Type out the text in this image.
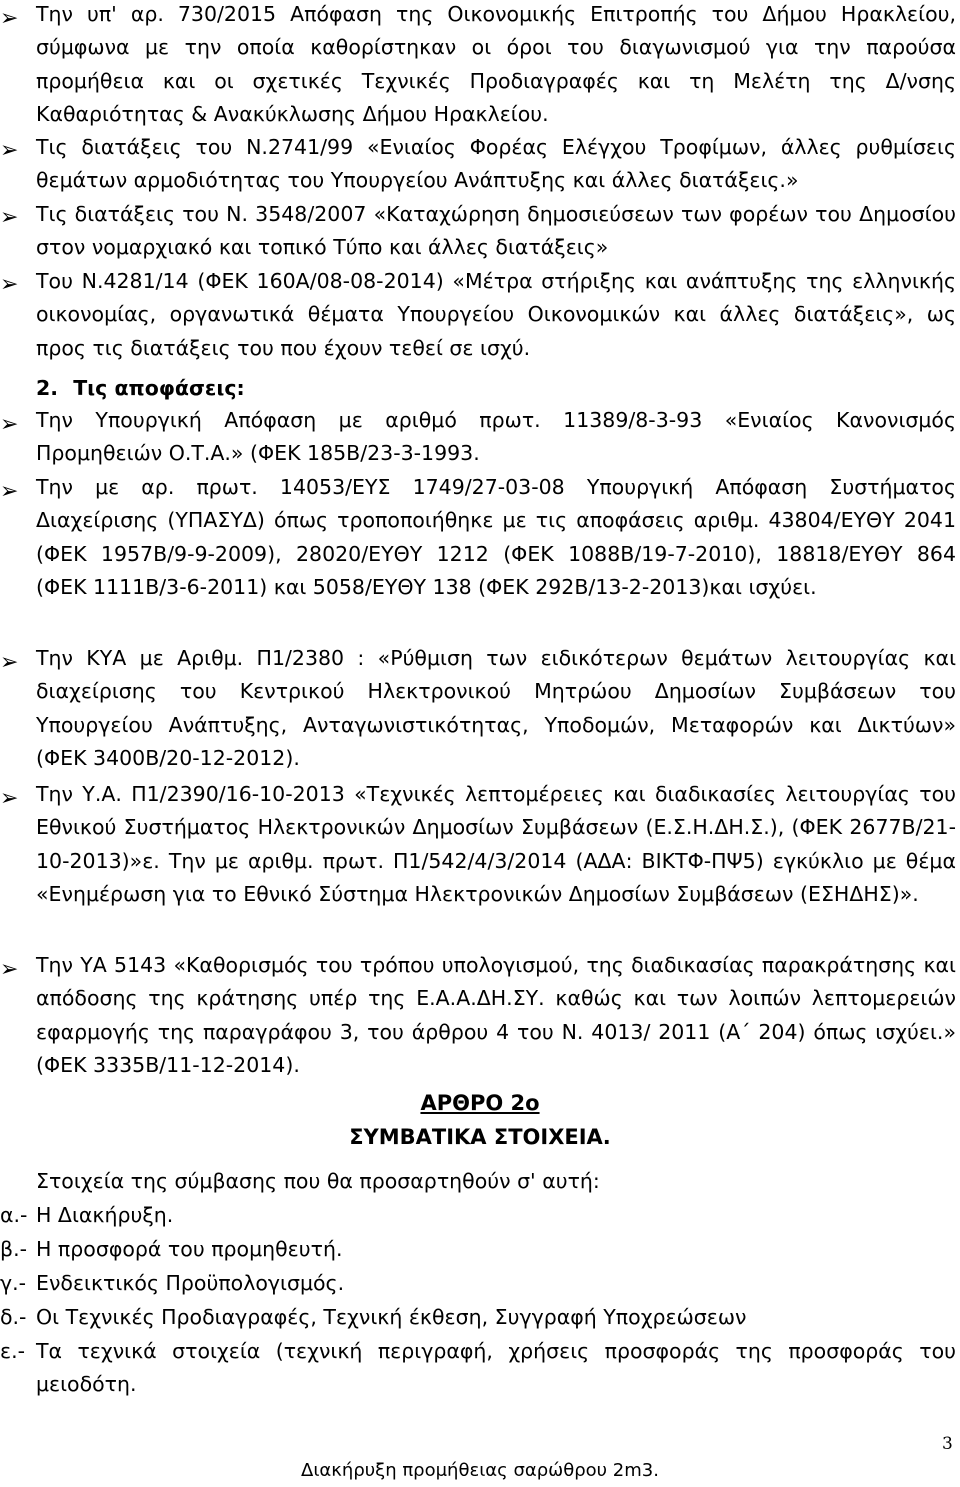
➢ Την υπ' αρ. 730/2015 Απόφαση της Οικονομικής Επιτροπής του Δήμου Ηρακλείου, σύμφωνα με την οποία καθορίστηκαν οι όροι του διαγωνισμού για την παρούσα προμήθεια και οι σχετικές Τεχνικές Προδιαγραφές και τη Μελέτη της Δ/νσης Καθαριότητας & Ανακύκλωσης Δήμου Ηρακλείου.

➢ Τις διατάξεις του Ν.2741/99 «Ενιαίος Φορέας Ελέγχου Τροφίμων, άλλες ρυθμίσεις θεμάτων αρμοδιότητας του Υπουργείου Ανάπτυξης και άλλες διατάξεις.»

➢ Τις διατάξεις του Ν. 3548/2007 «Καταχώρηση δημοσιεύσεων των φορέων του Δημοσίου στον νομαρχιακό και τοπικό Τύπο και άλλες διατάξεις»

➢ Του Ν.4281/14 (ΦΕΚ 160Α/08-08-2014) «Μέτρα στήριξης και ανάπτυξης της ελληνικής οικονομίας, οργανωτικά θέματα Υπουργείου Οικονομικών και άλλες διατάξεις», ως προς τις διατάξεις του που έχουν τεθεί σε ισχύ.

2. Τις αποφάσεις:
➢ Την Υπουργική Απόφαση με αριθμό πρωτ. 11389/8-3-93 «Ενιαίος Κανονισμός Προμηθειών Ο.Τ.Α.» (ΦΕΚ 185Β/23-3-1993.

➢ Την με αρ. πρωτ. 14053/ΕΥΣ 1749/27-03-08 Υπουργική Απόφαση Συστήματος Διαχείρισης (ΥΠΑΣΥΔ) όπως τροποποιήθηκε με τις αποφάσεις αριθμ. 43804/ΕΥΘΥ 2041 (ΦΕΚ 1957Β/9-9-2009), 28020/ΕΥΘΥ 1212 (ΦΕΚ 1088Β/19-7-2010), 18818/ΕΥΘΥ 864 (ΦΕΚ 1111Β/3-6-2011) και 5058/ΕΥΘΥ 138 (ΦΕΚ 292Β/13-2-2013)και ισχύει.

➢ Την ΚΥΑ με Αριθμ. Π1/2380 : «Ρύθμιση των ειδικότερων θεμάτων λειτουργίας και διαχείρισης του Κεντρικού Ηλεκτρονικού Μητρώου Δημοσίων Συμβάσεων του Υπουργείου Ανάπτυξης, Ανταγωνιστικότητας, Υποδομών, Μεταφορών και Δικτύων» (ΦΕΚ 3400Β/20-12-2012).

➢ Την Υ.Α. Π1/2390/16-10-2013 «Τεχνικές λεπτομέρειες και διαδικασίες λειτουργίας του Εθνικού Συστήματος Ηλεκτρονικών Δημοσίων Συμβάσεων (Ε.Σ.Η.ΔΗ.Σ.), (ΦΕΚ 2677Β/21-10-2013)»ε. Την με αριθμ. πρωτ. Π1/542/4/3/2014 (ΑΔΑ: ΒΙΚΤΦ-ΠΨ5) εγκύκλιο με θέμα «Ενημέρωση για το Εθνικό Σύστημα Ηλεκτρονικών Δημοσίων Συμβάσεων (ΕΣΗΔΗΣ)».

➢ Την ΥΑ 5143 «Καθορισμός του τρόπου υπολογισμού, της διαδικασίας παρακράτησης και απόδοσης της κράτησης υπέρ της Ε.Α.Α.ΔΗ.ΣΥ. καθώς και των λοιπών λεπτομερειών εφαρμογής της παραγράφου 3, του άρθρου 4 του Ν. 4013/ 2011 (Α΄ 204) όπως ισχύει.» (ΦΕΚ 3335Β/11-12-2014).

ΑΡΘΡΟ 2ο
ΣΥΜΒΑΤΙΚΑ ΣΤΟΙΧΕΙΑ.
Στοιχεία της σύμβασης που θα προσαρτηθούν σ' αυτή:
α.- Η Διακήρυξη.
β.- Η προσφορά του προμηθευτή.
γ.- Ενδεικτικός Προϋπολογισμός.
δ.- Οι Τεχνικές Προδιαγραφές, Τεχνική έκθεση, Συγγραφή Υποχρεώσεων
ε.- Τα τεχνικά στοιχεία (τεχνική περιγραφή, χρήσεις προσφοράς της προσφοράς του μειοδότη.
3
Διακήρυξη προμήθειας σαρώθρου 2m3.
